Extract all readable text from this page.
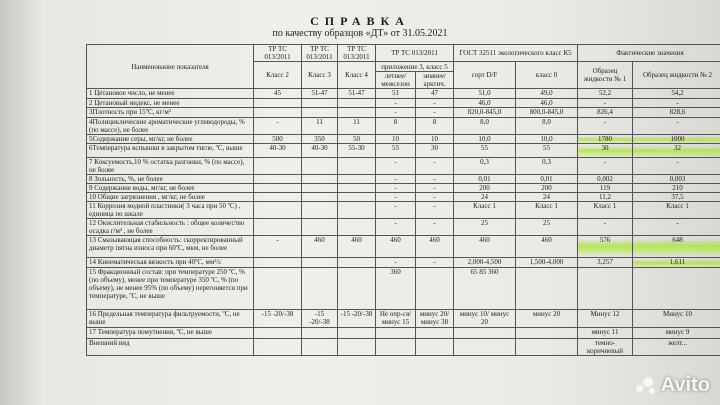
СПРАВКА
по качеству образцов «ДТ» от 31.05.2021
Наименование показателя	ТР ТС 013/2011	ТР ТС 013/2011	ТР ТС 013/2011	ТР ТС 013/2011		ГОСТ 32511 экологического класс К5		Фактические значения	
	Класс 2	Класс 3	Класс 4	приложение 3, класс 5		сорт D/F	класс 0	Образец жидкости № 1	Образец жидкости № 2
				летнее/ межсезон	зимнее/ арктич.				
1 Цетановое число, не менее	45	51-47	51-47	51	47	51,0	49,0	52,2	54,2
2 Цетановый индекс, не менее				-	-	46,0	46,0	-	-
3Плотность при 15ºC, кг/м³				-	-	820,0-845,0	800,0-845,0	826,4	828,6
4Полициклические ароматические углеводороды, % (по массе), не более	-	11	11	8	8	8,0	8,0	-	-
5Содержание серы, мг/кг, не более	500	350	50	10	10	10,0	10,0	1780	1000
6Температура вспышки в закрытом тигле, ºC, выше	40-30	40-30	55-30	55	30	55	55	30	32
7 Коксуемость,10 % остатка разгонки, % (по массе), не более				-	-	0,3	0,3	-	-
8 Зольность, %, не более				-	-	0,01	0,01	0,002	0,003
9 Содержание воды, мг/кг, не более				-	-	200	200	119	210
10 Общие загрязнения , мг/кг, не более				-	-	24	24	11,2	37,5
11 Коррозия медной пластинки( 3 часа при 50 ºC) , единица по шкале				-	-	Класс 1	Класс 1	Класс 1	Класс 1
12 Окислительная стабильность : общее количество осадка г/м³ , не более				-	-	25	25	-	-
13 Смазывающая способность: скорректированный диаметр пятна износа при 60ºC, мкм, не более	-	460	460	460	460	460	460	576	648
14 Кинематическая вязкость при 40ºC, мм²/с				-	-	2,000-4,500	1,500-4,000	3,257	1,611
15 Фракционный состав: при температуре 250 ºC, % (по объему), менее при температуре 350 ºC, % (по объему), не менее 95% (по объему) перегоняется при температуре, ºC, не выше				360		65 85 360			
16 Предельная температура фильтруемости, ºC, не выше	-15 -20/-38	-15 -20/-38	-15 -20/-38	Не опр-ся/ минус 15	минус 20/ минус 38	минус 10/ минус 20	минус 20	Минус 12	Минус 10
17 Температура помутнения, ºC, не выше								минус 11	минус 9
Внешний вид								темно- коричневый	желт...
Avito
